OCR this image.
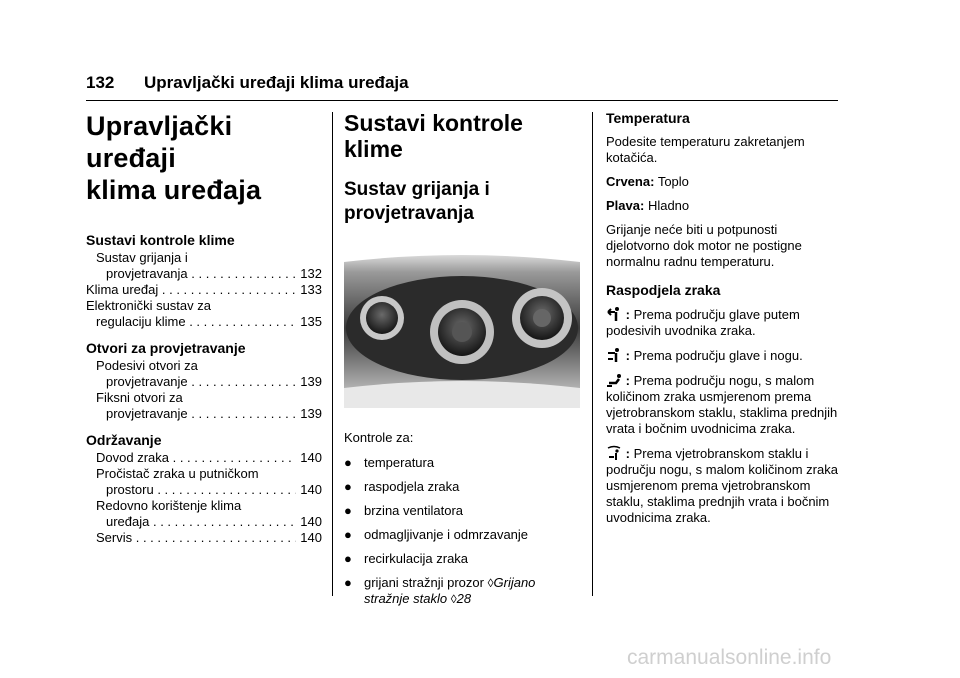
132 Upravljački uređaji klima uređaja
Upravljački uređaji
klima uređaja
Sustavi kontrole klime
Sustav grijanja i
provjetravanja . . .	132
Klima uređaj . . .	133
Elektronički sustav za
regulaciju klime . . .	135
Otvori za provjetravanje
Podesivi otvori za
provjetravanje . . .	139
Fiksni otvori za
provjetravanje . . .	139
Održavanje
Dovod zraka . . .	140
Pročistač zraka u putničkom
prostoru . . .	140
Redovno korištenje klima
uređaja . . .	140
Servis . . .	140
Sustavi kontrole klime
Sustav grijanja i
provjetravanja

Kontrole za:

● temperatura
● raspodjela zraka
● brzina ventilatora
● odmagljivanje i odmrzavanje
● recirkulacija zraka
● grijani stražnji prozor ◊Grijano
stražnje staklo ◊28
Temperatura

Podesite temperaturu zakretanjem kotačića.

Crvena: Toplo

Plava: Hladno

Grijanje neće biti u potpunosti djelotvorno dok motor ne postigne normalnu radnu temperaturu.

Raspodjela zraka

: Prema području glave putem podesivih uvodnika zraka.

: Prema području glave i nogu.

: Prema području nogu, s malom količinom zraka usmjerenom prema vjetrobranskom staklu, staklima prednjih vrata i bočnim uvodnicima zraka.

: Prema vjetrobranskom staklu i području nogu, s malom količinom zraka usmjerenom prema vjetrobranskom staklu, staklima prednjih vrata i bočnim uvodnicima zraka.

carmanualsonline.info
